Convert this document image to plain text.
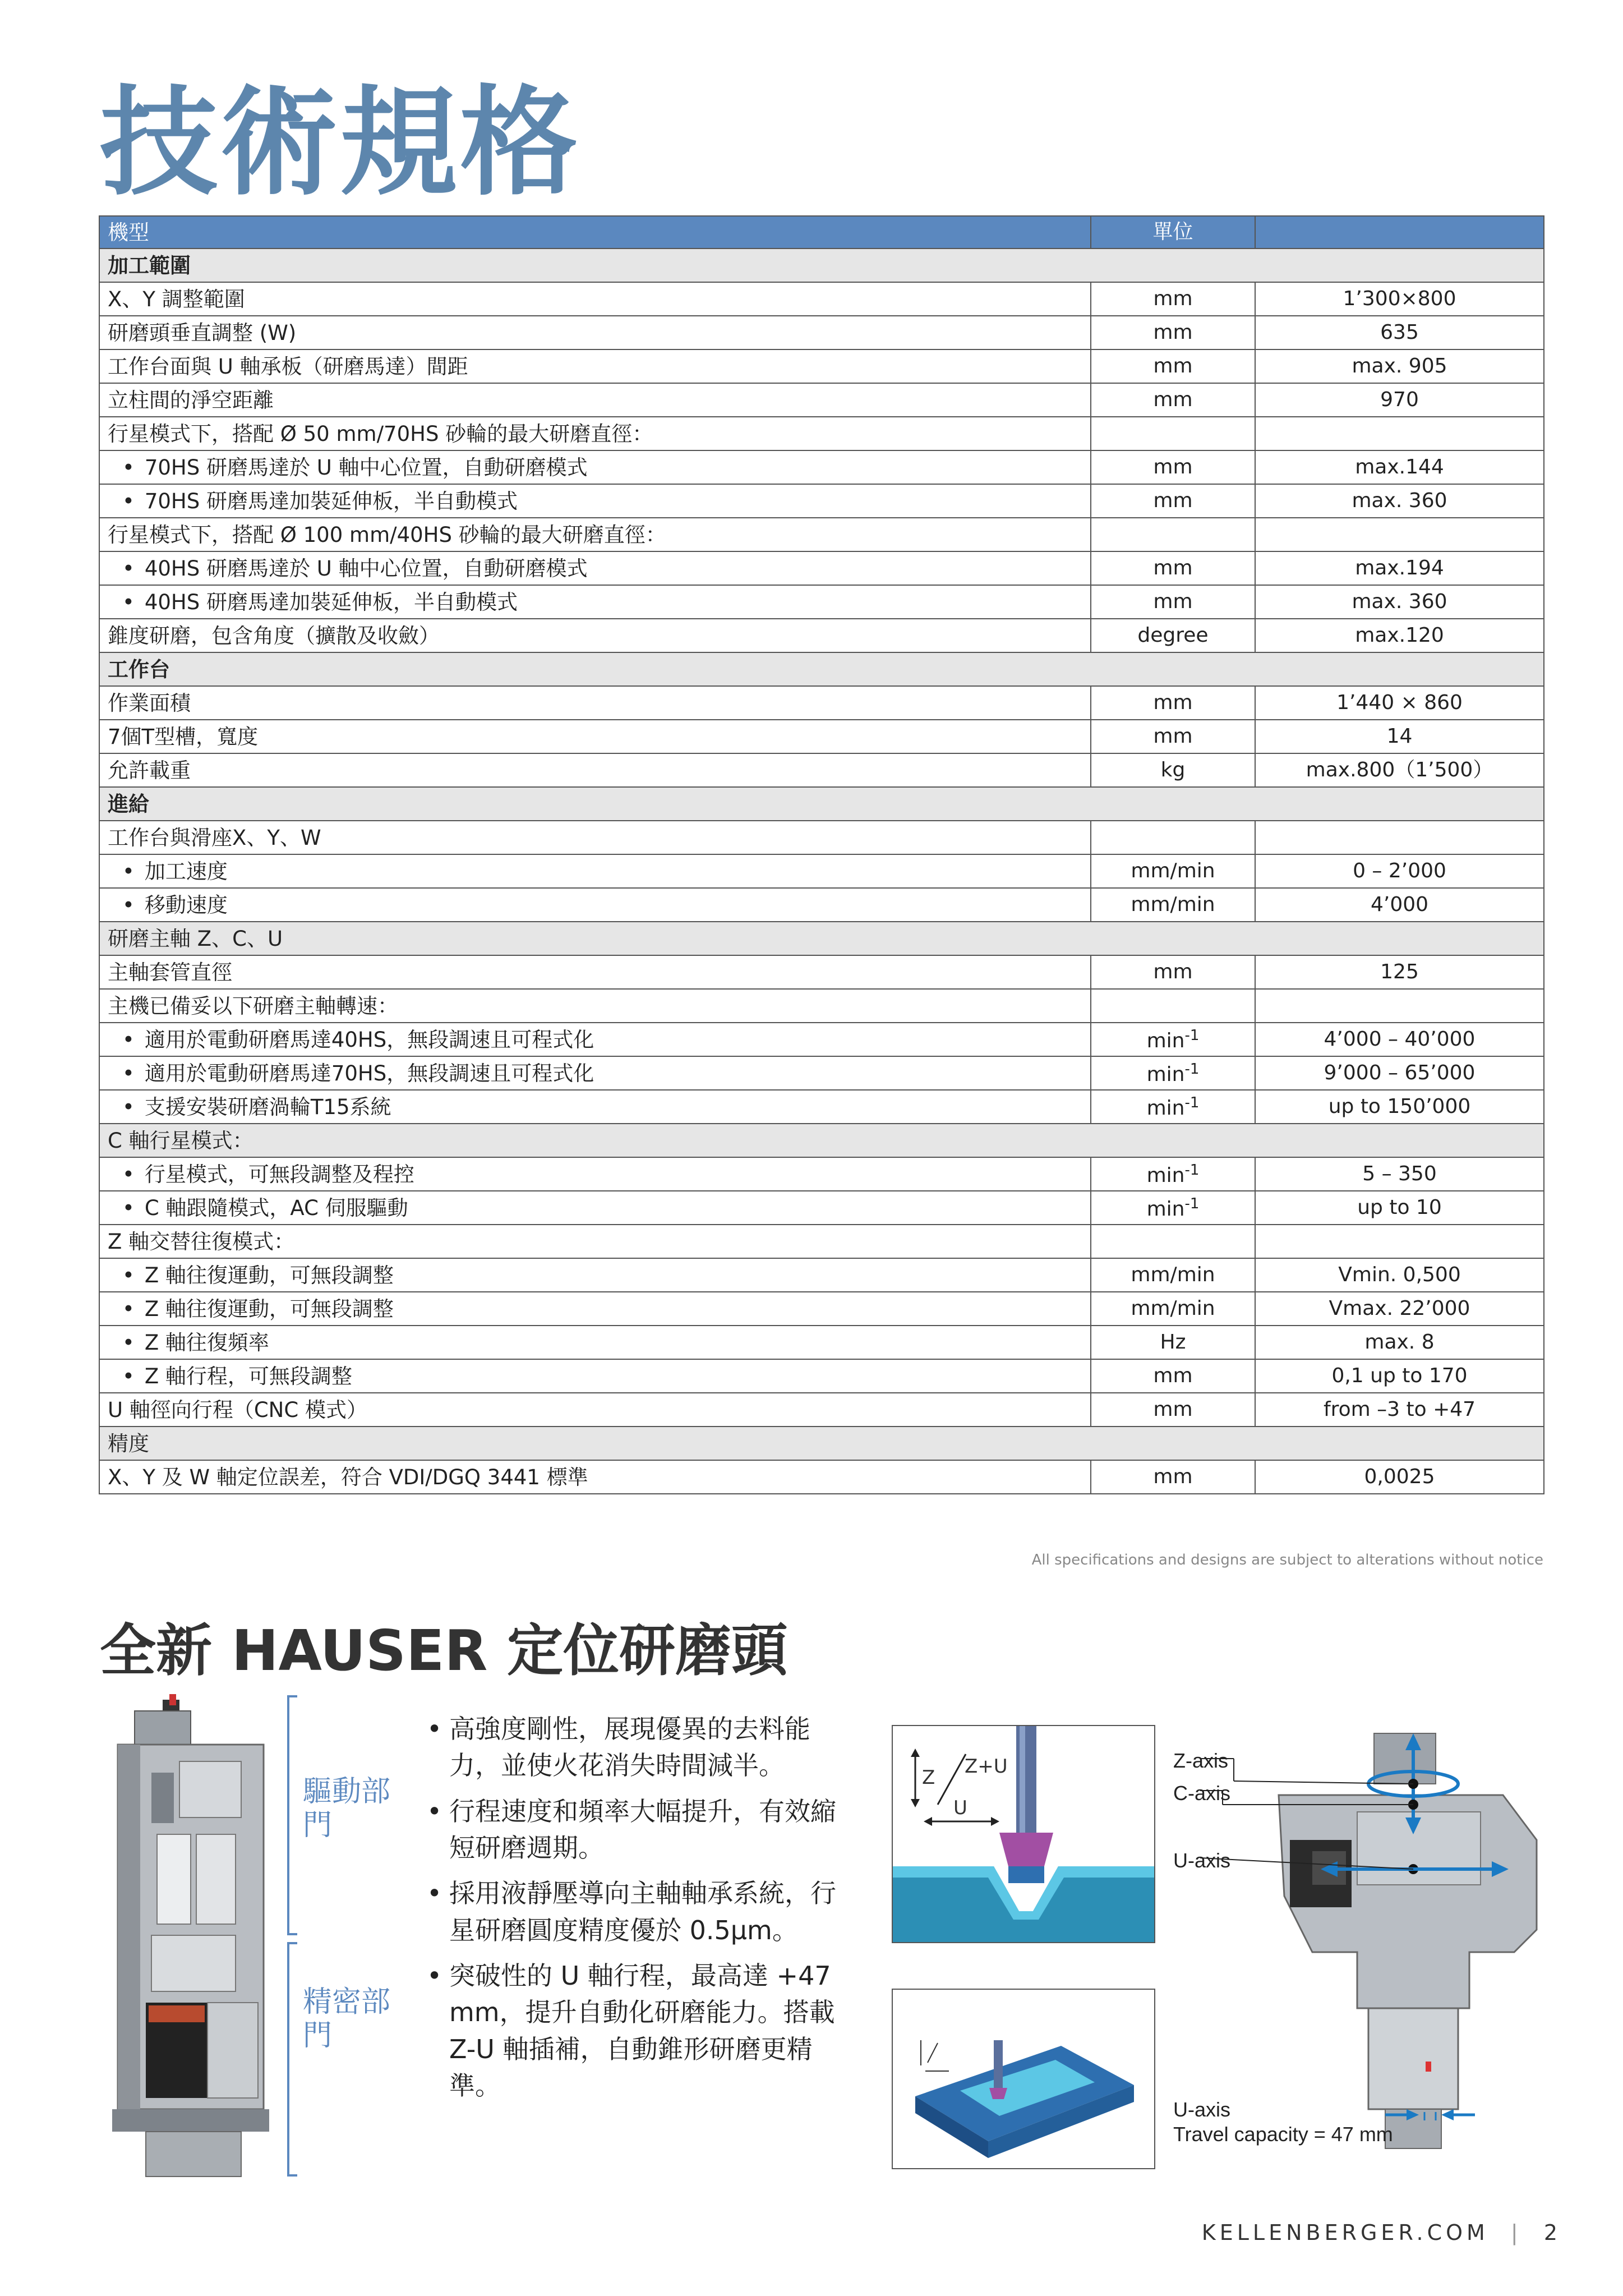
技術規格
機型	單位	
加工範圍		
X、Y 調整範圍	mm	1’300×800
研磨頭垂直調整 (W)	mm	635
工作台面與 U 軸承板（研磨馬達）間距	mm	max. 905
立柱間的淨空距離	mm	970
行星模式下，搭配 Ø 50 mm/70HS 砂輪的最大研磨直徑：		
• 70HS 研磨馬達於 U 軸中心位置，自動研磨模式	mm	max.144
• 70HS 研磨馬達加裝延伸板，半自動模式	mm	max. 360
行星模式下，搭配 Ø 100 mm/40HS 砂輪的最大研磨直徑：		
• 40HS 研磨馬達於 U 軸中心位置，自動研磨模式	mm	max.194
• 40HS 研磨馬達加裝延伸板，半自動模式	mm	max. 360
錐度研磨，包含角度（擴散及收斂）	degree	max.120
工作台		
作業面積	mm	1’440 × 860
7個T型槽，寬度	mm	14
允許載重	kg	max.800（1’500）
進給		
工作台與滑座X、Y、W		
• 加工速度	mm/min	0 – 2’000
• 移動速度	mm/min	4’000
研磨主軸 Z、C、U		
主軸套管直徑	mm	125
主機已備妥以下研磨主軸轉速：		
• 適用於電動研磨馬達40HS，無段調速且可程式化	$\min^{-1}$	4’000 – 40’000
• 適用於電動研磨馬達70HS，無段調速且可程式化	$\min^{-1}$	9’000 – 65’000
• 支援安裝研磨渦輪T15系統	$\min^{-1}$	up to 150’000
C 軸行星模式：		
• 行星模式，可無段調整及程控	$\min^{-1}$	5 – 350
• C 軸跟隨模式，AC 伺服驅動	$\min^{-1}$	up to 10
Z 軸交替往復模式：		
• Z 軸往復運動，可無段調整	mm/min	Vmin. 0,500
• Z 軸往復運動，可無段調整	mm/min	Vmax. 22’000
• Z 軸往復頻率	Hz	max. 8
• Z 軸行程，可無段調整	mm	0,1 up to 170
U 軸徑向行程（CNC 模式）	mm	from –3 to +47
精度		
X、Y 及 W 軸定位誤差，符合 VDI/DGQ 3441 標準	mm	0,0025
All specifications and designs are subject to alterations without notice
全新 HAUSER 定位研磨頭
驅動部門
精密部門
• 高強度剛性，展現優異的去料能力，並使火花消失時間減半。
• 行程速度和頻率大幅提升，有效縮短研磨週期。
• 採用液靜壓導向主軸軸承系統，行星研磨圓度精度優於 0.5µm。
• 突破性的 U 軸行程，最高達 +47 mm，提升自動化研磨能力。搭載 Z-U 軸插補，自動錐形研磨更精準。
Z Z+U
U
Z-axis
C-axis
U-axis
U-axis
Travel capacity = 47 mm
KELLENBERGER.COM | 2
